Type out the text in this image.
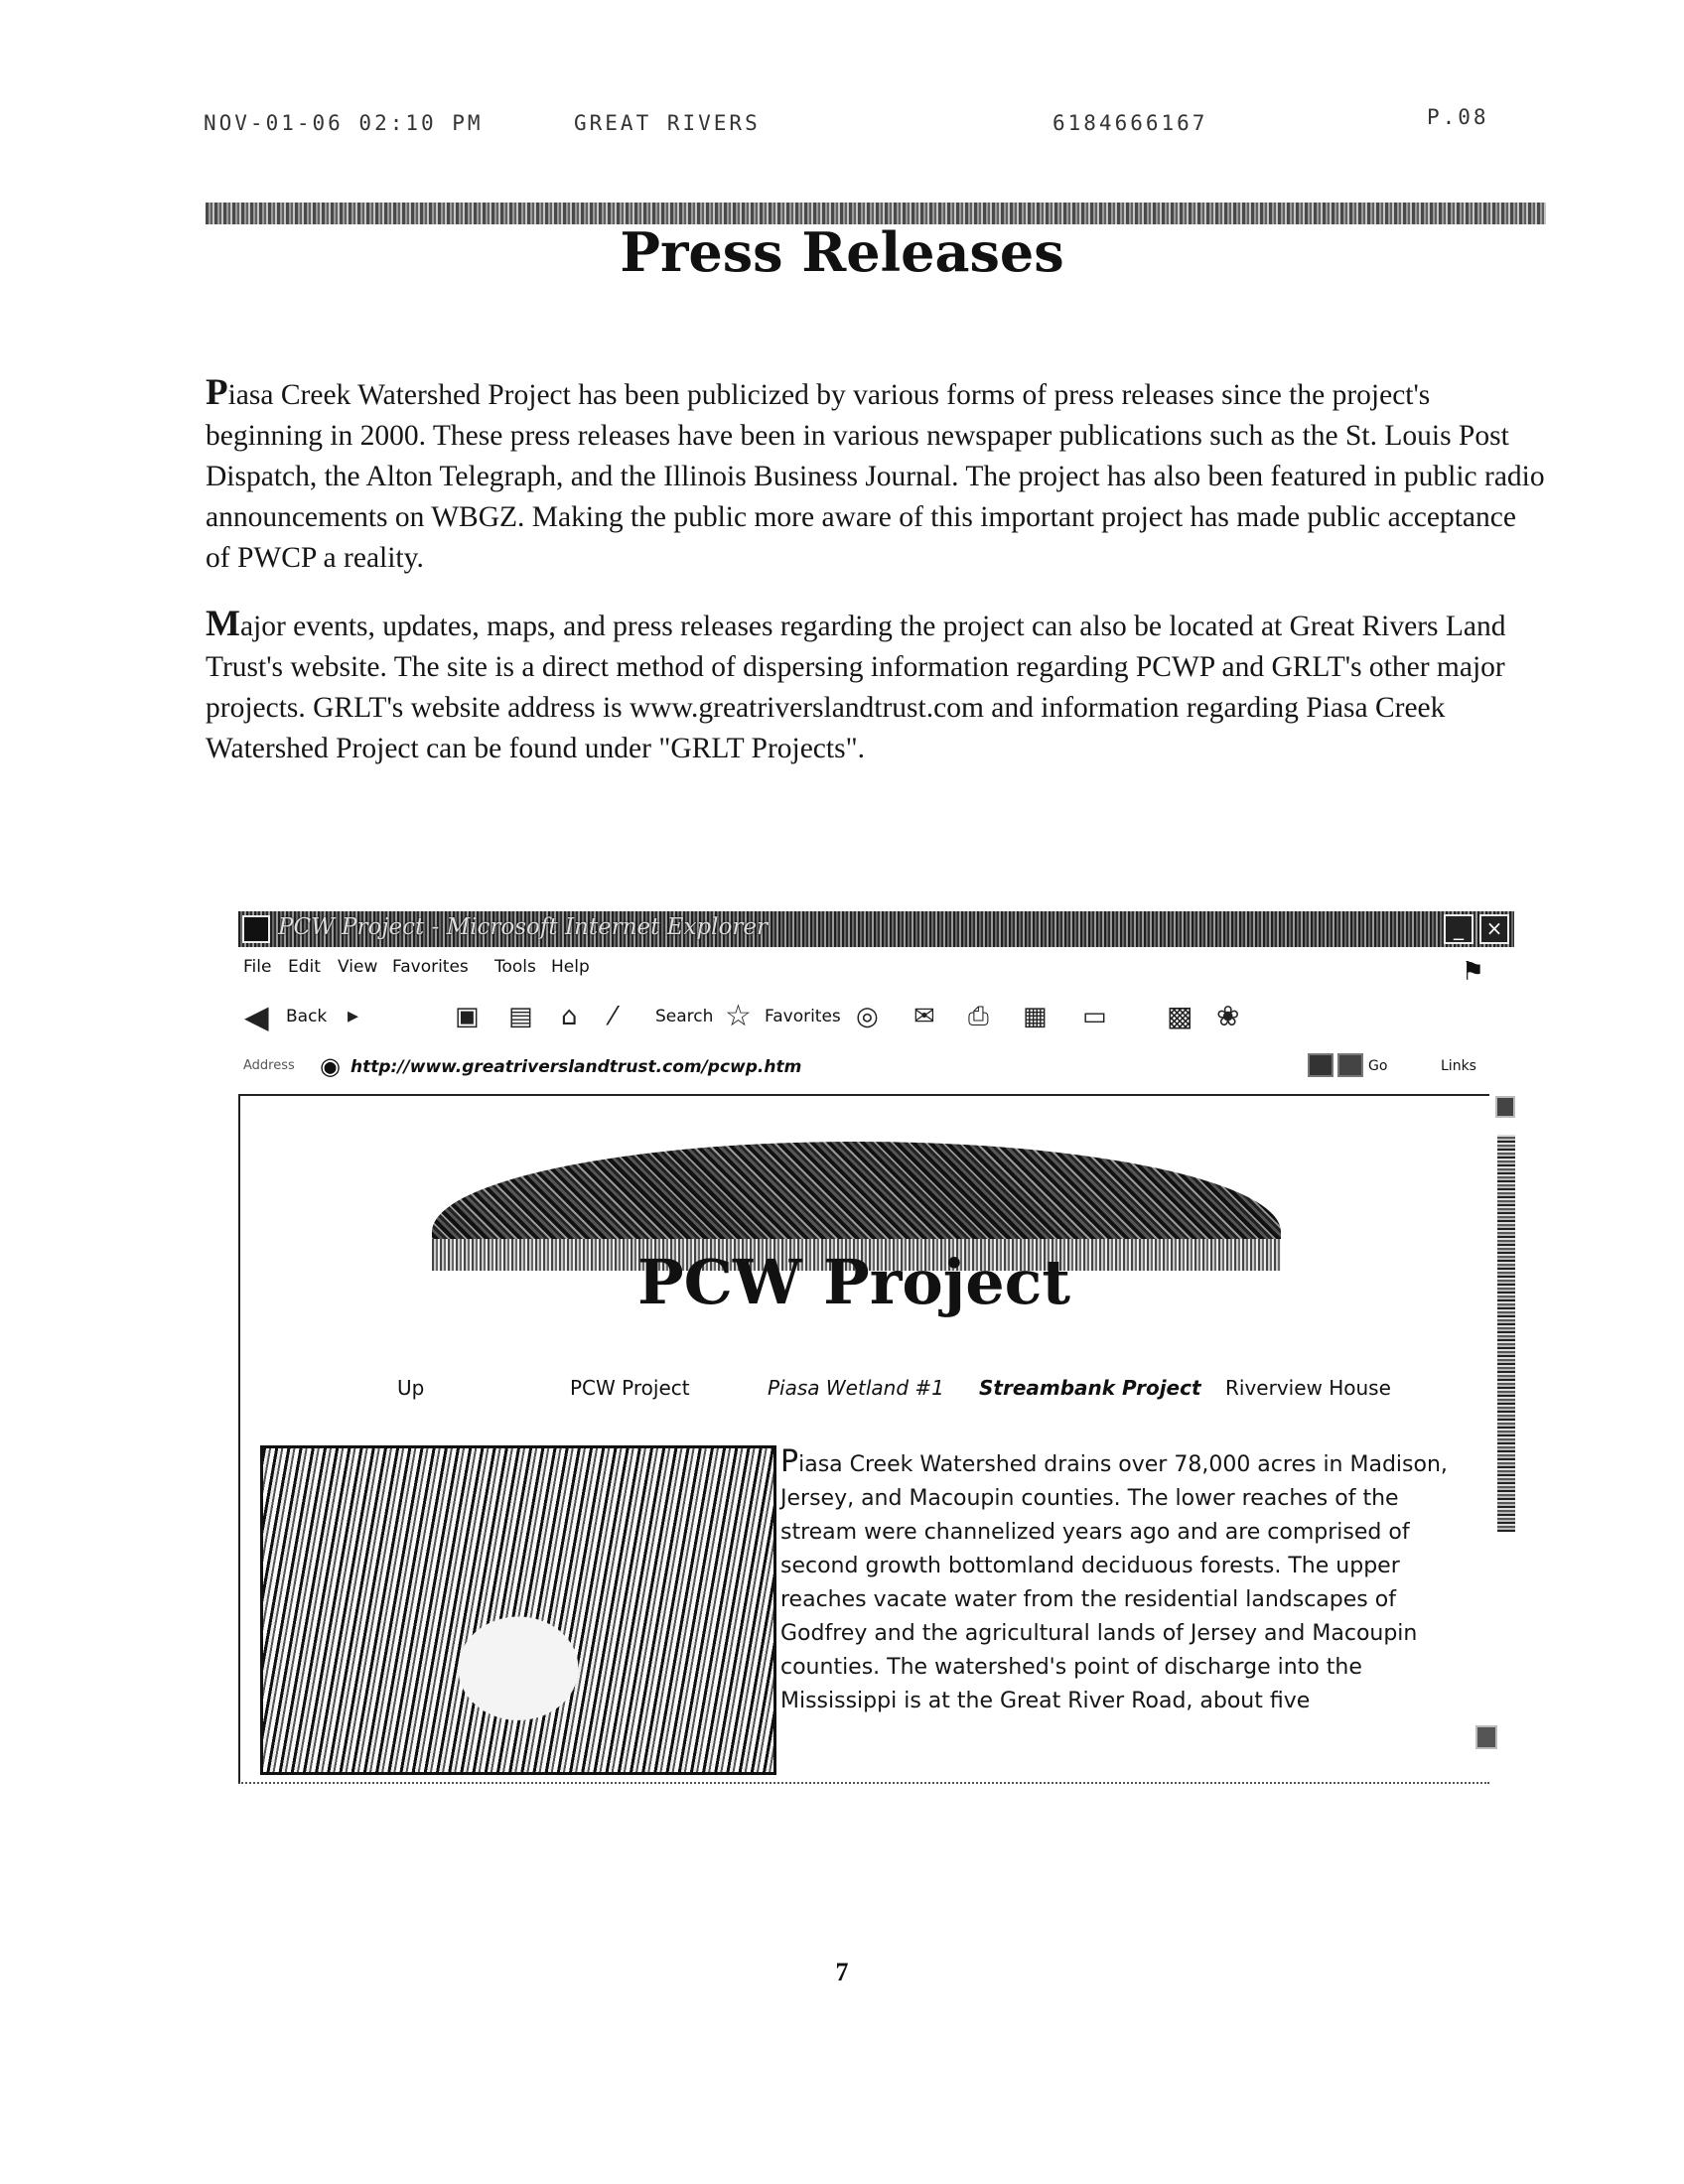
NOV-01-06 02:10 PM	GREAT RIVERS	6184666167	P.08
Press Releases

Piasa Creek Watershed Project has been publicized by various forms of press releases since the project's beginning in 2000. These press releases have been in various newspaper publications such as the St. Louis Post Dispatch, the Alton Telegraph, and the Illinois Business Journal. The project has also been featured in public radio announcements on WBGZ. Making the public more aware of this important project has made public acceptance of PWCP a reality.

Major events, updates, maps, and press releases regarding the project can also be located at Great Rivers Land Trust's website. The site is a direct method of dispersing information regarding PCWP and GRLT's other major projects. GRLT's website address is www.greatriverslandtrust.com and information regarding Piasa Creek Watershed Project can be found under "GRLT Projects".

PCW Project - Microsoft Internet Explorer	_	×
File Edit View Favorites Tools Help	⚑
◀ Back ▸	▣ ▤ ⌂ ⁄ Search ☆ Favorites ◎ ✉ ⎙ ▦ ▭ ▩ ❀
Address ◉ http://www.greatriverslandtrust.com/pcwp.htm	Go	Links
PCW Project
Up	PCW Project	Piasa Wetland #1 Streambank Project Riverview House
Piasa Creek Watershed drains over 78,000 acres in Madison, Jersey, and Macoupin counties. The lower reaches of the stream were channelized years ago and are comprised of second growth bottomland deciduous forests. The upper reaches vacate water from the residential landscapes of Godfrey and the agricultural lands of Jersey and Macoupin counties. The watershed's point of discharge into the Mississippi is at the Great River Road, about five
7
